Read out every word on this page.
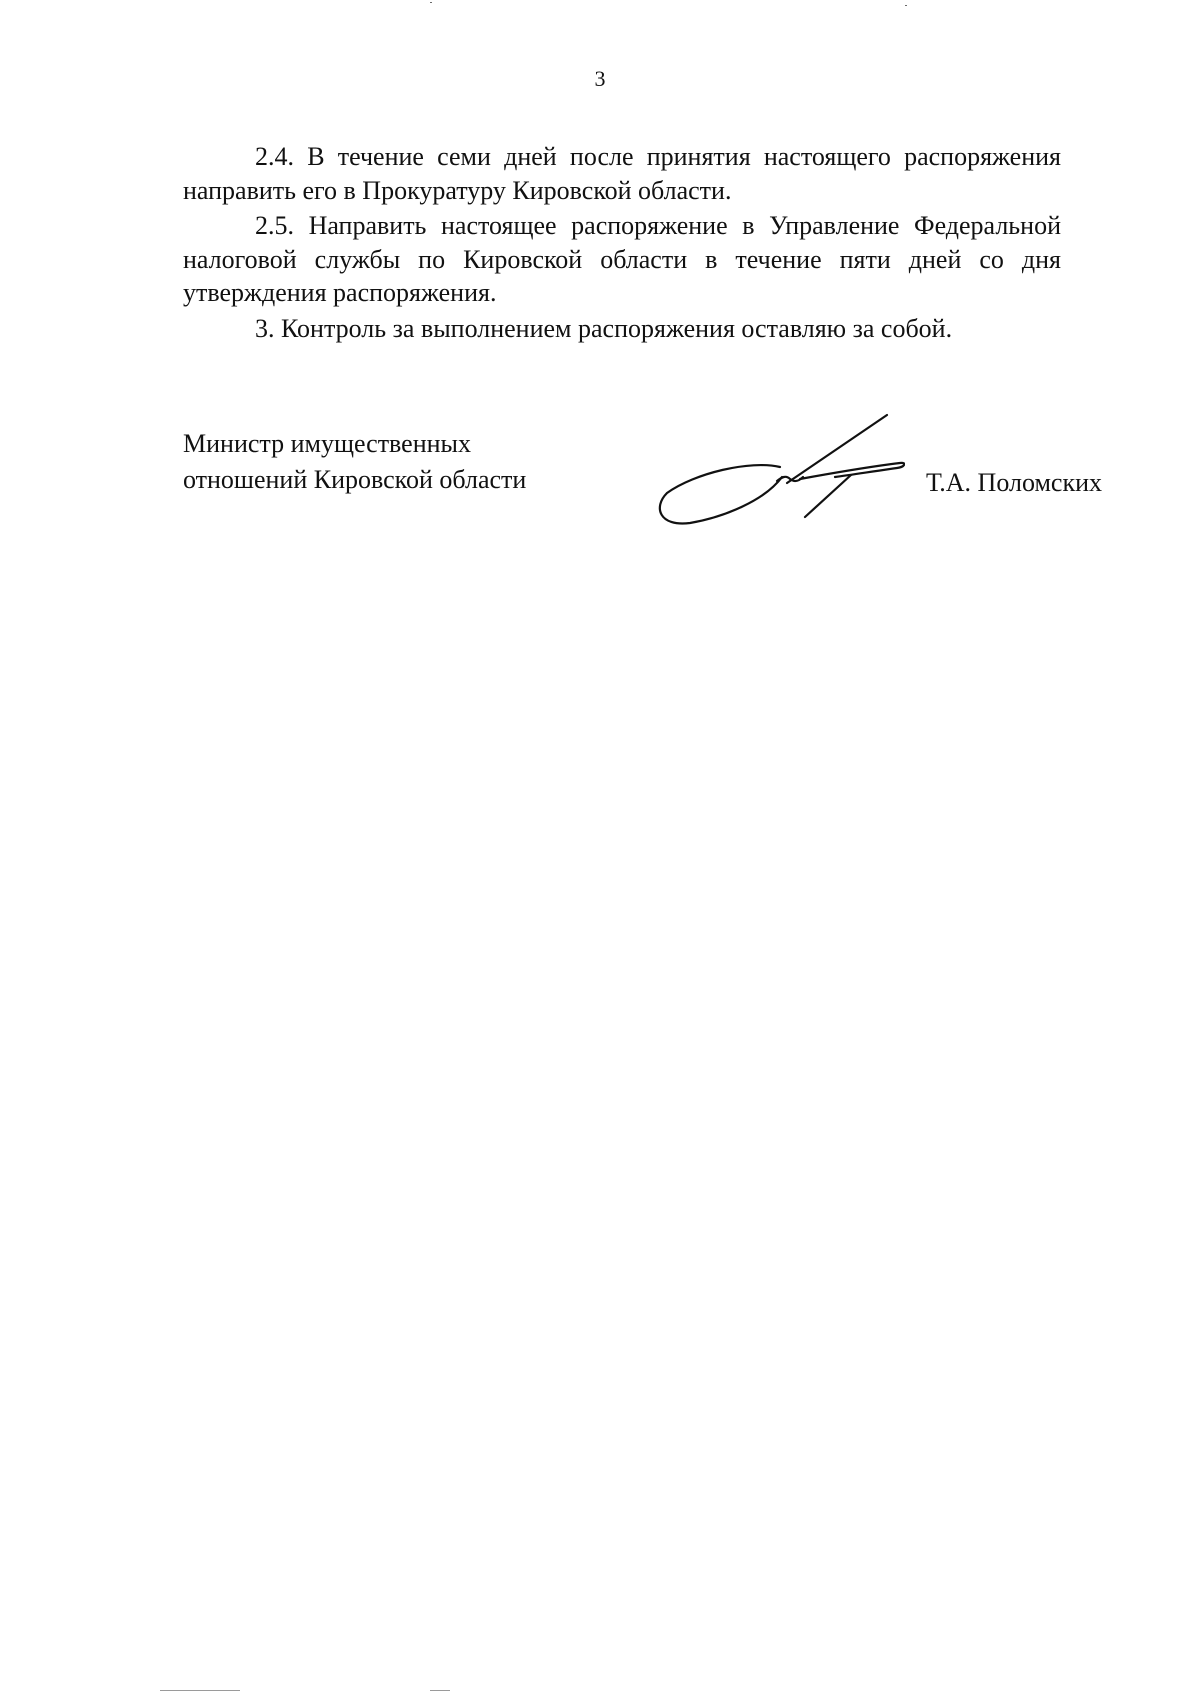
3

2.4. В течение семи дней после принятия настоящего распоряжения направить его в Прокуратуру Кировской области.

2.5. Направить настоящее распоряжение в Управление Федеральной налоговой службы по Кировской области в течение пяти дней со дня утверждения распоряжения.

3. Контроль за выполнением распоряжения оставляю за собой.

Министр имущественных
отношений Кировской области	Т.А. Поломских
